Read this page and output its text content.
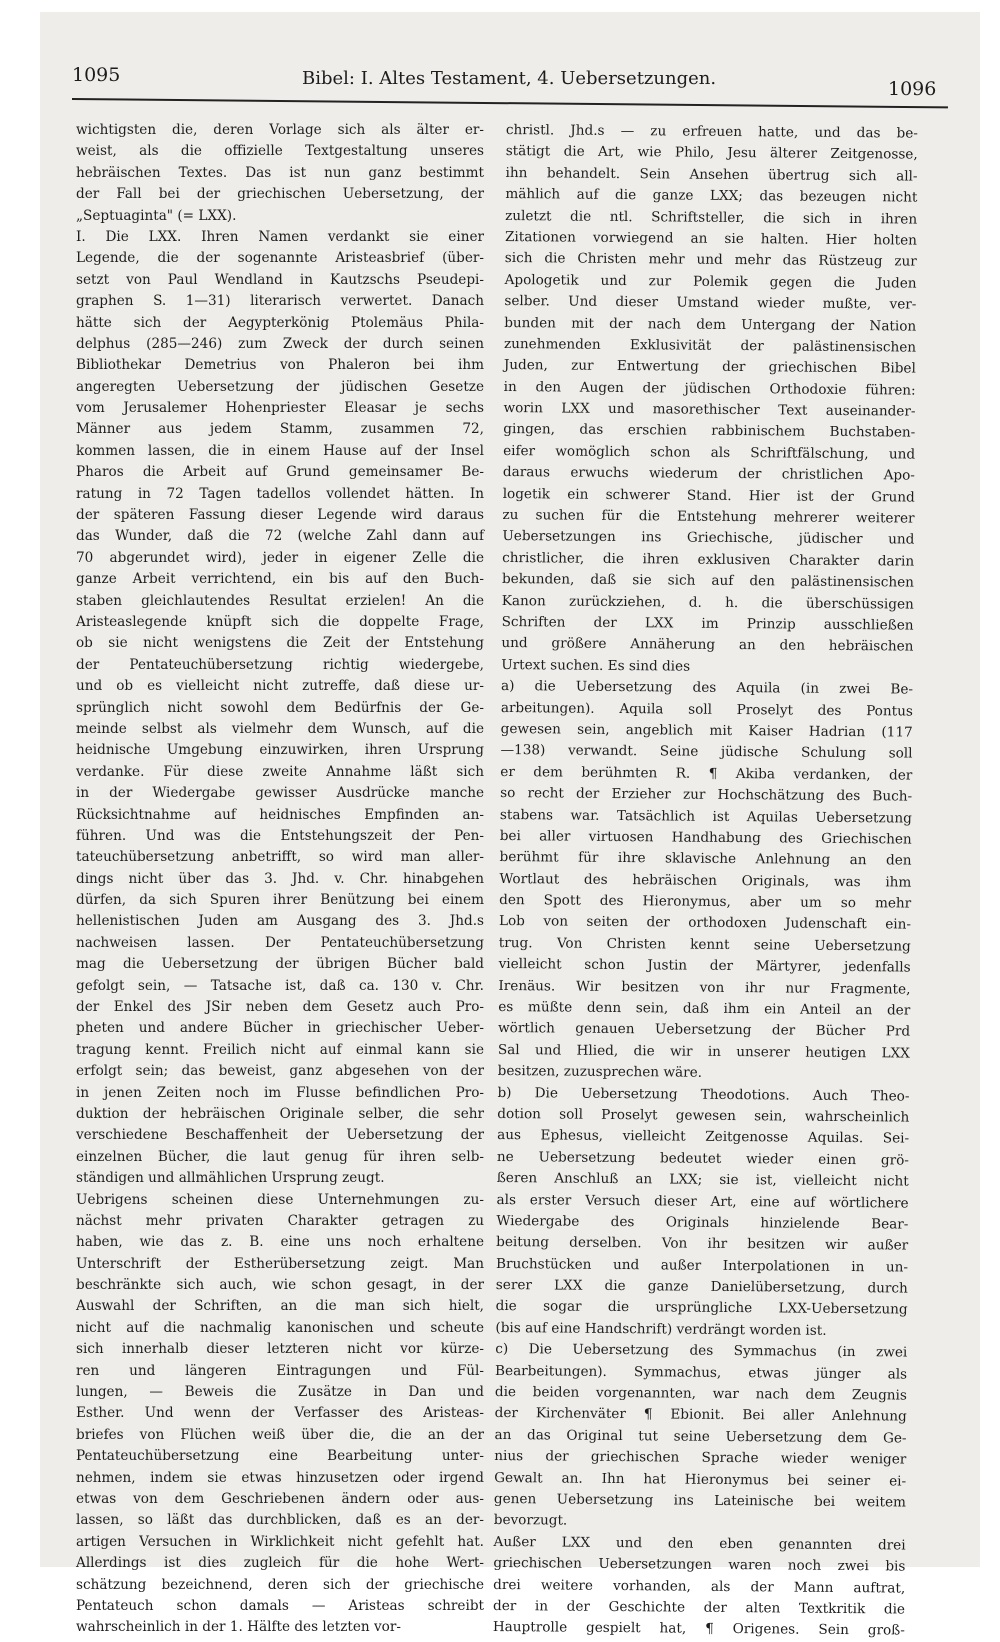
1095	Bibel: I. Altes Testament, 4. Uebersetzungen.	1096
wichtigsten die, deren Vorlage sich als älter er-
weist, als die offizielle Textgestaltung unseres
hebräischen Textes. Das ist nun ganz bestimmt
der Fall bei der griechischen Uebersetzung, der
„Septuaginta" (= LXX).
I. Die LXX. Ihren Namen verdankt sie einer
Legende, die der sogenannte Aristeasbrief (über-
setzt von Paul Wendland in Kautzschs Pseudepi-
graphen S. 1—31) literarisch verwertet. Danach
hätte sich der Aegypterkönig Ptolemäus Phila-
delphus (285—246) zum Zweck der durch seinen
Bibliothekar Demetrius von Phaleron bei ihm
angeregten Uebersetzung der jüdischen Gesetze
vom Jerusalemer Hohenpriester Eleasar je sechs
Männer aus jedem Stamm, zusammen 72,
kommen lassen, die in einem Hause auf der Insel
Pharos die Arbeit auf Grund gemeinsamer Be-
ratung in 72 Tagen tadellos vollendet hätten. In
der späteren Fassung dieser Legende wird daraus
das Wunder, daß die 72 (welche Zahl dann auf
70 abgerundet wird), jeder in eigener Zelle die
ganze Arbeit verrichtend, ein bis auf den Buch-
staben gleichlautendes Resultat erzielen! An die
Aristeaslegende knüpft sich die doppelte Frage,
ob sie nicht wenigstens die Zeit der Entstehung
der Pentateuchübersetzung richtig wiedergebe,
und ob es vielleicht nicht zutreffe, daß diese ur-
sprünglich nicht sowohl dem Bedürfnis der Ge-
meinde selbst als vielmehr dem Wunsch, auf die
heidnische Umgebung einzuwirken, ihren Ursprung
verdanke. Für diese zweite Annahme läßt sich
in der Wiedergabe gewisser Ausdrücke manche
Rücksichtnahme auf heidnisches Empfinden an-
führen. Und was die Entstehungszeit der Pen-
tateuchübersetzung anbetrifft, so wird man aller-
dings nicht über das 3. Jhd. v. Chr. hinabgehen
dürfen, da sich Spuren ihrer Benützung bei einem
hellenistischen Juden am Ausgang des 3. Jhd.s
nachweisen lassen. Der Pentateuchübersetzung
mag die Uebersetzung der übrigen Bücher bald
gefolgt sein, — Tatsache ist, daß ca. 130 v. Chr.
der Enkel des JSir neben dem Gesetz auch Pro-
pheten und andere Bücher in griechischer Ueber-
tragung kennt. Freilich nicht auf einmal kann sie
erfolgt sein; das beweist, ganz abgesehen von der
in jenen Zeiten noch im Flusse befindlichen Pro-
duktion der hebräischen Originale selber, die sehr
verschiedene Beschaffenheit der Uebersetzung der
einzelnen Bücher, die laut genug für ihren selb-
ständigen und allmählichen Ursprung zeugt.
Uebrigens scheinen diese Unternehmungen zu-
nächst mehr privaten Charakter getragen zu
haben, wie das z. B. eine uns noch erhaltene
Unterschrift der Estherübersetzung zeigt. Man
beschränkte sich auch, wie schon gesagt, in der
Auswahl der Schriften, an die man sich hielt,
nicht auf die nachmalig kanonischen und scheute
sich innerhalb dieser letzteren nicht vor kürze-
ren und längeren Eintragungen und Fül-
lungen, — Beweis die Zusätze in Dan und
Esther. Und wenn der Verfasser des Aristeas-
briefes von Flüchen weiß über die, die an der
Pentateuchübersetzung eine Bearbeitung unter-
nehmen, indem sie etwas hinzusetzen oder irgend
etwas von dem Geschriebenen ändern oder aus-
lassen, so läßt das durchblicken, daß es an der-
artigen Versuchen in Wirklichkeit nicht gefehlt hat.
Allerdings ist dies zugleich für die hohe Wert-
schätzung bezeichnend, deren sich der griechische
Pentateuch schon damals — Aristeas schreibt
wahrscheinlich in der 1. Hälfte des letzten vor-
christl. Jhd.s — zu erfreuen hatte, und das be-
stätigt die Art, wie Philo, Jesu älterer Zeitgenosse,
ihn behandelt. Sein Ansehen übertrug sich all-
mählich auf die ganze LXX; das bezeugen nicht
zuletzt die ntl. Schriftsteller, die sich in ihren
Zitationen vorwiegend an sie halten. Hier holten
sich die Christen mehr und mehr das Rüstzeug zur
Apologetik und zur Polemik gegen die Juden
selber. Und dieser Umstand wieder mußte, ver-
bunden mit der nach dem Untergang der Nation
zunehmenden Exklusivität der palästinensischen
Juden, zur Entwertung der griechischen Bibel
in den Augen der jüdischen Orthodoxie führen:
worin LXX und masorethischer Text auseinander-
gingen, das erschien rabbinischem Buchstaben-
eifer womöglich schon als Schriftfälschung, und
daraus erwuchs wiederum der christlichen Apo-
logetik ein schwerer Stand. Hier ist der Grund
zu suchen für die Entstehung mehrerer weiterer
Uebersetzungen ins Griechische, jüdischer und
christlicher, die ihren exklusiven Charakter darin
bekunden, daß sie sich auf den palästinensischen
Kanon zurückziehen, d. h. die überschüssigen
Schriften der LXX im Prinzip ausschließen
und größere Annäherung an den hebräischen
Urtext suchen. Es sind dies
a) die Uebersetzung des Aquila (in zwei Be-
arbeitungen). Aquila soll Proselyt des Pontus
gewesen sein, angeblich mit Kaiser Hadrian (117
—138) verwandt. Seine jüdische Schulung soll
er dem berühmten R. ¶ Akiba verdanken, der
so recht der Erzieher zur Hochschätzung des Buch-
stabens war. Tatsächlich ist Aquilas Uebersetzung
bei aller virtuosen Handhabung des Griechischen
berühmt für ihre sklavische Anlehnung an den
Wortlaut des hebräischen Originals, was ihm
den Spott des Hieronymus, aber um so mehr
Lob von seiten der orthodoxen Judenschaft ein-
trug. Von Christen kennt seine Uebersetzung
vielleicht schon Justin der Märtyrer, jedenfalls
Irenäus. Wir besitzen von ihr nur Fragmente,
es müßte denn sein, daß ihm ein Anteil an der
wörtlich genauen Uebersetzung der Bücher Prd
Sal und Hlied, die wir in unserer heutigen LXX
besitzen, zuzusprechen wäre.
b) Die Uebersetzung Theodotions. Auch Theo-
dotion soll Proselyt gewesen sein, wahrscheinlich
aus Ephesus, vielleicht Zeitgenosse Aquilas. Sei-
ne Uebersetzung bedeutet wieder einen grö-
ßeren Anschluß an LXX; sie ist, vielleicht nicht
als erster Versuch dieser Art, eine auf wörtlichere
Wiedergabe des Originals hinzielende Bear-
beitung derselben. Von ihr besitzen wir außer
Bruchstücken und außer Interpolationen in un-
serer LXX die ganze Danielübersetzung, durch
die sogar die ursprüngliche LXX-Uebersetzung
(bis auf eine Handschrift) verdrängt worden ist.
c) Die Uebersetzung des Symmachus (in zwei
Bearbeitungen). Symmachus, etwas jünger als
die beiden vorgenannten, war nach dem Zeugnis
der Kirchenväter ¶ Ebionit. Bei aller Anlehnung
an das Original tut seine Uebersetzung dem Ge-
nius der griechischen Sprache wieder weniger
Gewalt an. Ihn hat Hieronymus bei seiner ei-
genen Uebersetzung ins Lateinische bei weitem
bevorzugt.
Außer LXX und den eben genannten drei
griechischen Uebersetzungen waren noch zwei bis
drei weitere vorhanden, als der Mann auftrat,
der in der Geschichte der alten Textkritik die
Hauptrolle gespielt hat, ¶ Origenes. Sein groß-
